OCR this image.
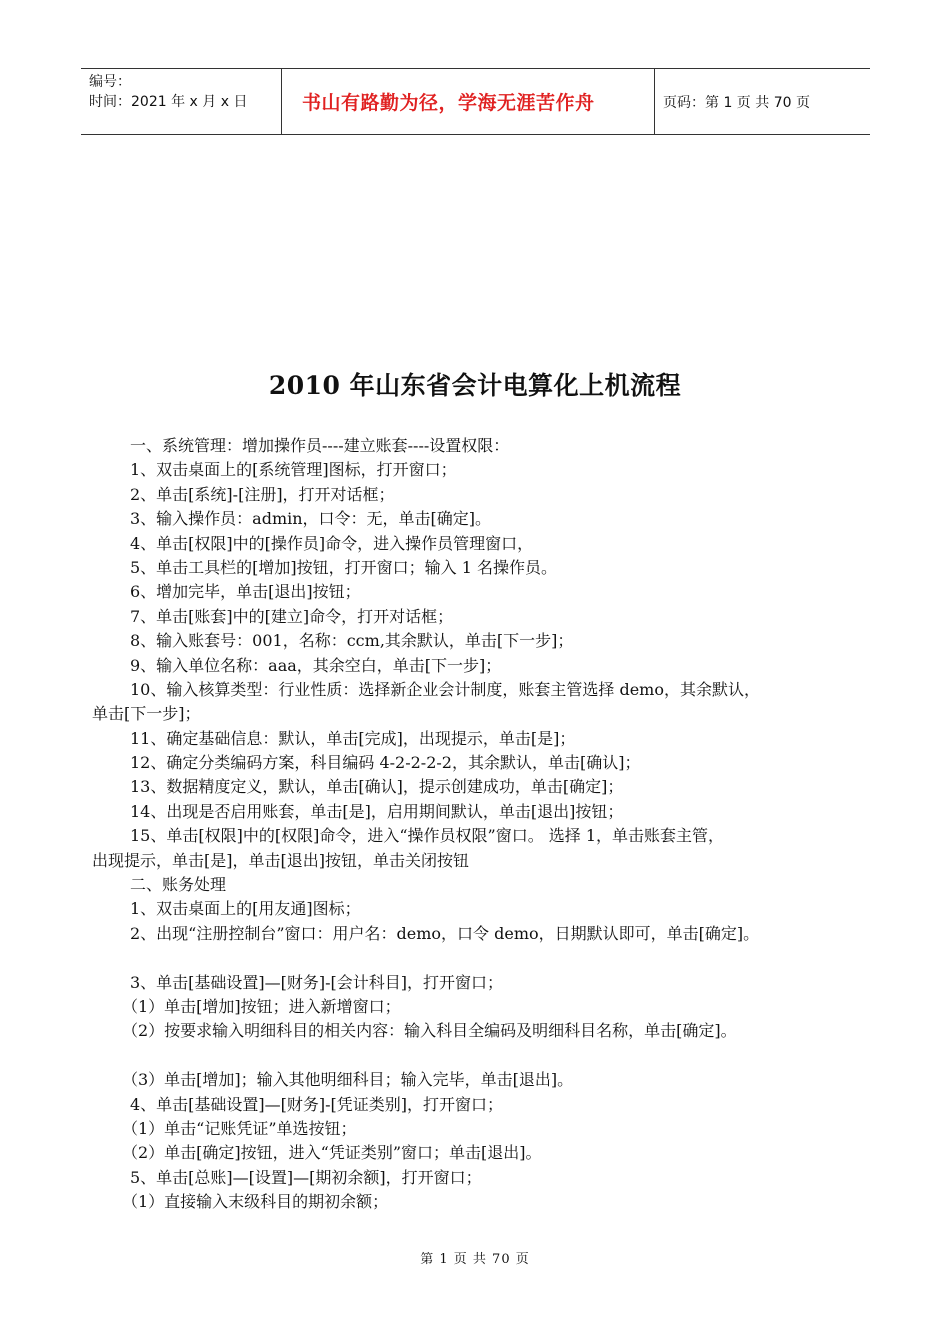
编号：
时间：2021 年 x 月 x 日	书山有路勤为径，学海无涯苦作舟	页码：第 1 页 共 70 页
2010 年山东省会计电算化上机流程
一、系统管理：增加操作员----建立账套----设置权限：
1、双击桌面上的[系统管理]图标，打开窗口；
2、单击[系统]-[注册]，打开对话框；
3、输入操作员：admin，口令：无，单击[确定]。
4、单击[权限]中的[操作员]命令，进入操作员管理窗口，
5、单击工具栏的[增加]按钮，打开窗口；输入 1 名操作员。
6、增加完毕，单击[退出]按钮；
7、单击[账套]中的[建立]命令，打开对话框；
8、输入账套号：001，名称：ccm,其余默认，单击[下一步]；
9、输入单位名称：aaa，其余空白，单击[下一步]；
10、输入核算类型：行业性质：选择新企业会计制度，账套主管选择 demo，其余默认，
单击[下一步]；
11、确定基础信息：默认，单击[完成]，出现提示，单击[是]；
12、确定分类编码方案，科目编码 4-2-2-2-2，其余默认，单击[确认]；
13、数据精度定义，默认，单击[确认]，提示创建成功，单击[确定]；
14、出现是否启用账套，单击[是]，启用期间默认，单击[退出]按钮；
15、单击[权限]中的[权限]命令，进入“操作员权限”窗口。 选择 1，单击账套主管，
出现提示，单击[是]，单击[退出]按钮，单击关闭按钮
二、账务处理
1、双击桌面上的[用友通]图标；
2、出现“注册控制台”窗口：用户名：demo，口令 demo，日期默认即可，单击[确定]。
3、单击[基础设置]—[财务]-[会计科目]，打开窗口；
（1）单击[增加]按钮；进入新增窗口；
（2）按要求输入明细科目的相关内容：输入科目全编码及明细科目名称，单击[确定]。
（3）单击[增加]；输入其他明细科目；输入完毕，单击[退出]。
4、单击[基础设置]—[财务]-[凭证类别]，打开窗口；
（1）单击“记账凭证”单选按钮；
（2）单击[确定]按钮，进入“凭证类别”窗口；单击[退出]。
5、单击[总账]—[设置]—[期初余额]，打开窗口；
（1）直接输入末级科目的期初余额；
第 1 页 共 70 页
